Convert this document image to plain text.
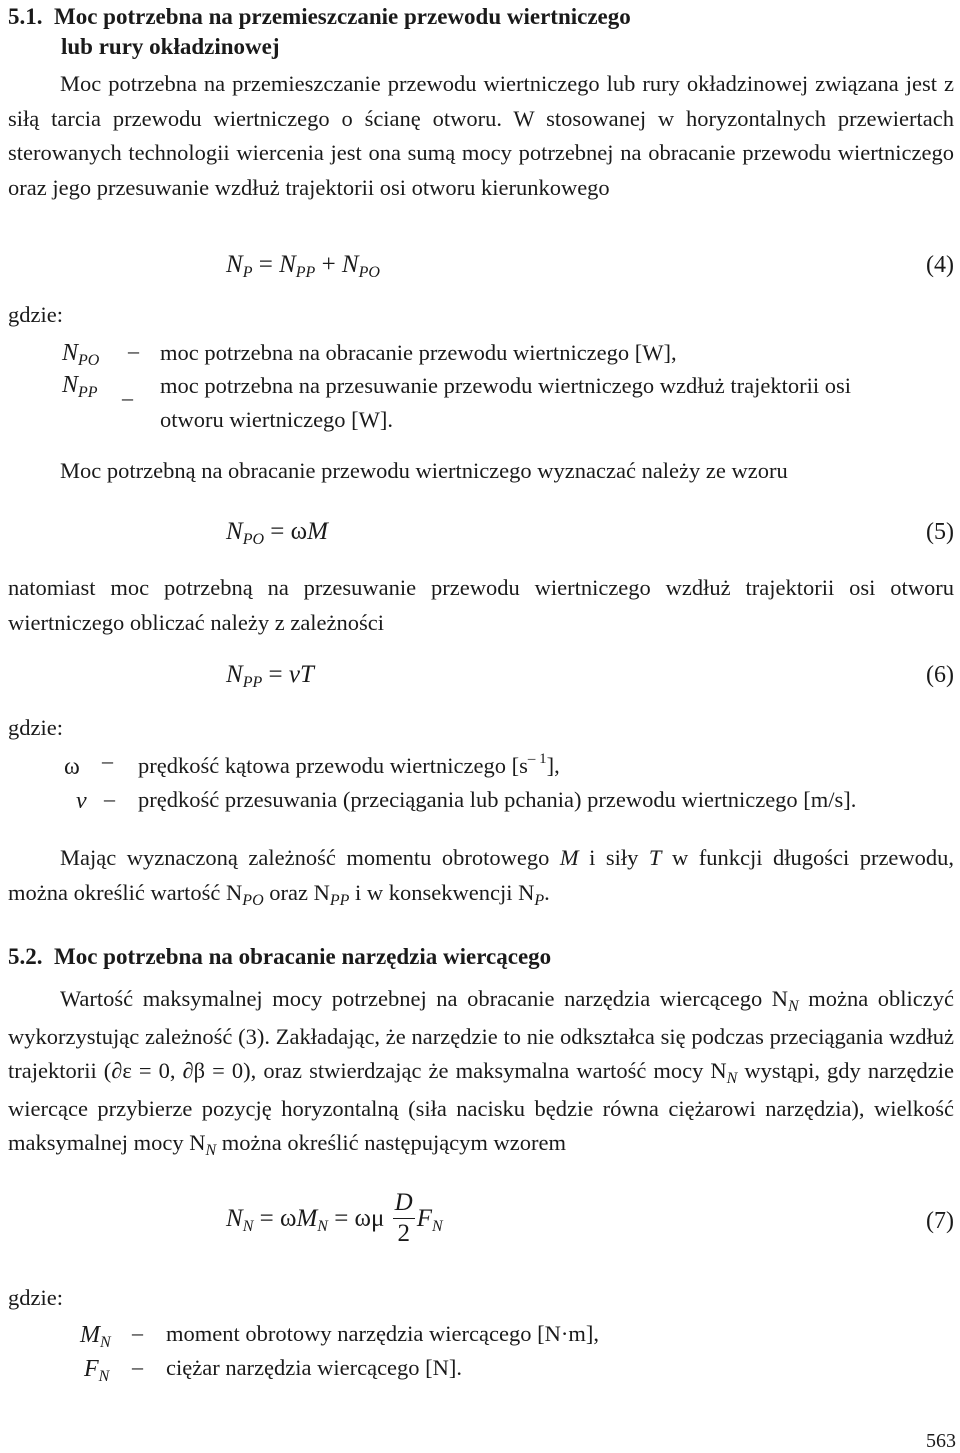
5.1.  Moc potrzebna na przemieszczanie przewodu wiertniczego
lub rury okładzinowej
Moc potrzebna na przemieszczanie przewodu wiertniczego lub rury okładzinowej związana jest z siłą tarcia przewodu wiertniczego o ścianę otworu. W stosowanej w horyzontalnych przewiertach sterowanych technologii wiercenia jest ona sumą mocy potrzebnej na obracanie przewodu wiertniczego oraz jego przesuwanie wzdłuż trajektorii osi otworu kierunkowego
$N_P = N_{PP} + N_{PO}$	(4)
gdzie:
$N_{PO}$ – moc potrzebna na obracanie przewodu wiertniczego [W],
$N_{PP}$ – moc potrzebna na przesuwanie przewodu wiertniczego wzdłuż trajektorii osi
otworu wiertniczego [W].
Moc potrzebną na obracanie przewodu wiertniczego wyznaczać należy ze wzoru
$N_{PO} = \omega M$	(5)
natomiast moc potrzebną na przesuwanie przewodu wiertniczego wzdłuż trajektorii osi otworu wiertniczego obliczać należy z zależności
$N_{PP}$ = vT	(6)
gdzie:
ω – prędkość kątowa przewodu wiertniczego $[s^{- 1}]$,
v – prędkość przesuwania (przeciągania lub pchania) przewodu wiertniczego [m/s].
Mając wyznaczoną zależność momentu obrotowego M i siły T w funkcji długości przewodu, można określić wartość $N_{PO}$ oraz $N_{PP}$ i w konsekwencji $N_P$.
5.2.  Moc potrzebna na obracanie narzędzia wiercącego
Wartość maksymalnej mocy potrzebnej na obracanie narzędzia wiercącego $N_N$ można obliczyć wykorzystując zależność (3). Zakładając, że narzędzie to nie odkształca się podczas przeciągania wzdłuż trajektorii (∂ε = 0, ∂β = 0), oraz stwierdzając że maksymalna wartość mocy $N_N$ wystąpi, gdy narzędzie wiercące przybierze pozycję horyzontalną (siła nacisku będzie równa ciężarowi narzędzia), wielkość maksymalnej mocy $N_N$ można określić następującym wzorem
$N_N = \omega M_N = \omega\mu \frac{D}{2} F_N$	(7)
gdzie:
$M_N$ – moment obrotowy narzędzia wiercącego [N·m],
$F_N$ – ciężar narzędzia wiercącego [N].
563
